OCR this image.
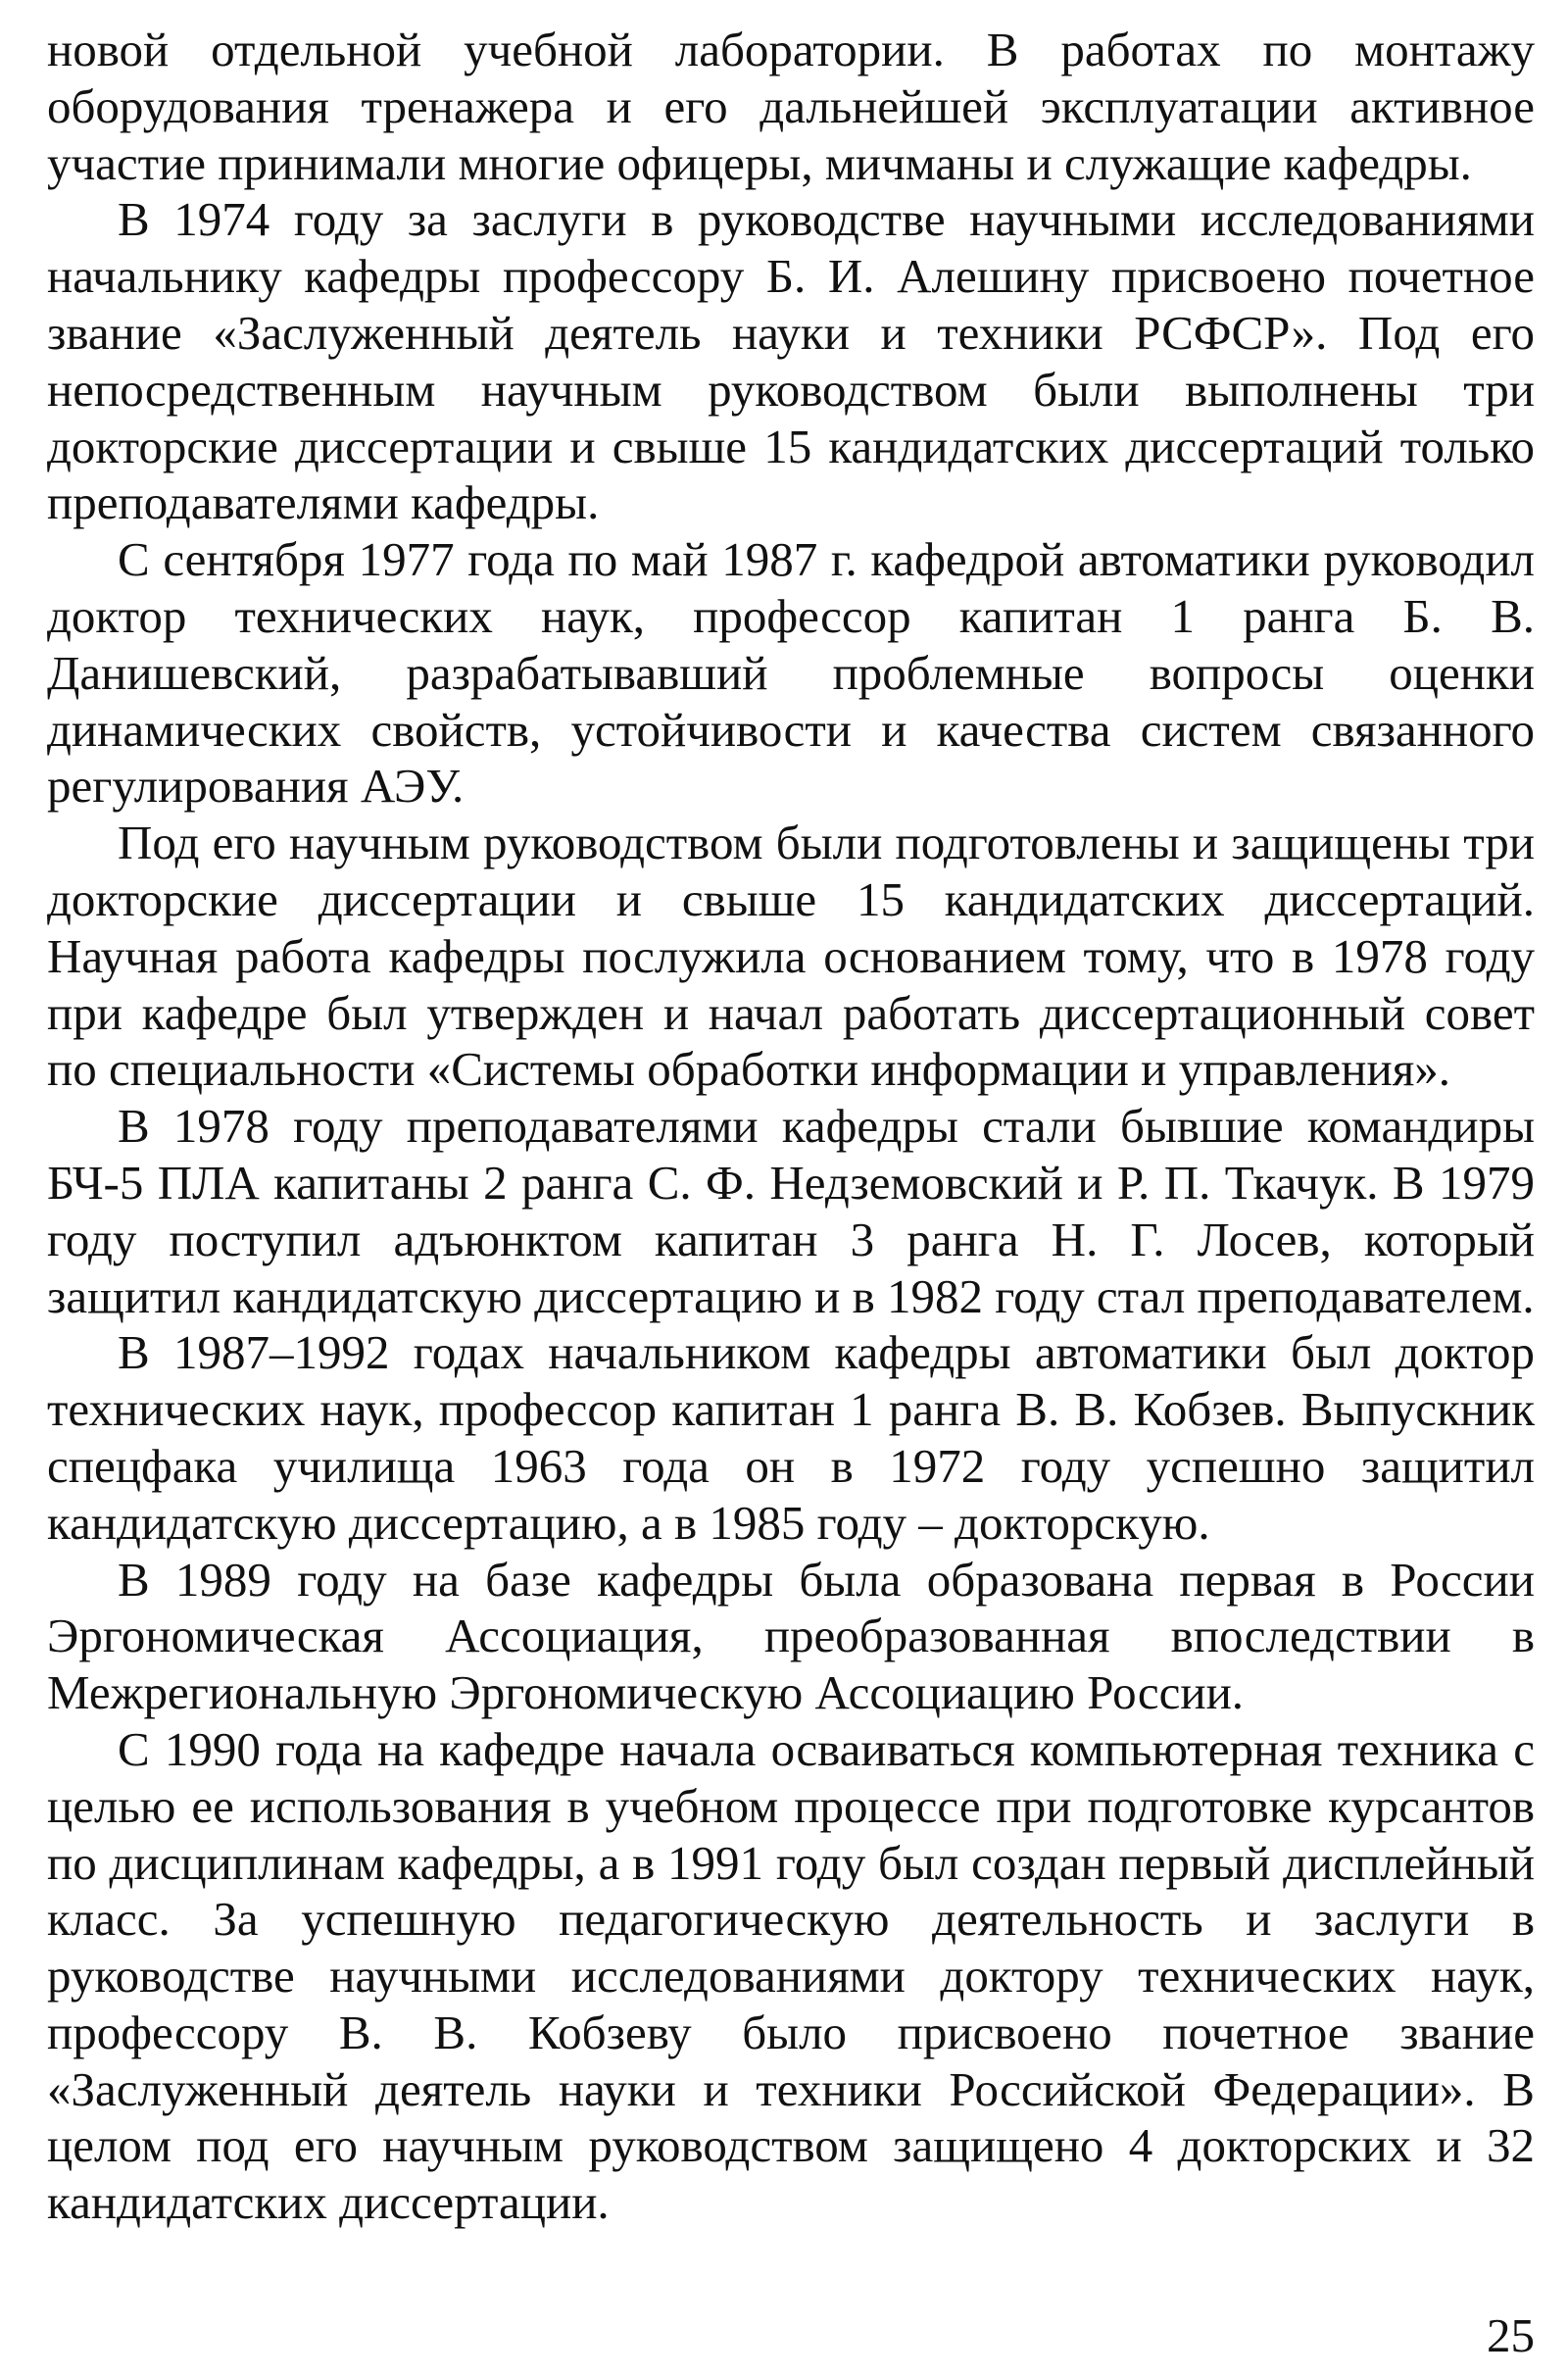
новой отдельной учебной лаборатории. В работах по монтажу оборудования тренажера и его дальнейшей эксплуатации активное участие принимали многие офицеры, мичманы и служащие кафедры.

В 1974 году за заслуги в руководстве научными исследованиями начальнику кафедры профессору Б. И. Алешину присвоено почетное звание «Заслуженный деятель науки и техники РСФСР». Под его непосредственным научным руководством были выполнены три докторские диссертации и свыше 15 кандидатских диссертаций только преподавателями кафедры.

С сентября 1977 года по май 1987 г. кафедрой автоматики руководил доктор технических наук, профессор капитан 1 ранга Б. В. Данишевский, разрабатывавший проблемные вопросы оценки динамических свойств, устойчивости и качества систем связанного регулирования АЭУ.

Под его научным руководством были подготовлены и защищены три докторские диссертации и свыше 15 кандидатских диссертаций. Научная работа кафедры послужила основанием тому, что в 1978 году при кафедре был утвержден и начал работать диссертационный совет по специальности «Системы обработки информации и управления».

В 1978 году преподавателями кафедры стали бывшие командиры БЧ-5 ПЛА капитаны 2 ранга С. Ф. Недземовский и Р. П. Ткачук. В 1979 году поступил адъюнктом капитан 3 ранга Н. Г. Лосев, который защитил кандидатскую диссертацию и в 1982 году стал преподавателем.

В 1987–1992 годах начальником кафедры автоматики был доктор технических наук, профессор капитан 1 ранга В. В. Кобзев. Выпускник спецфака училища 1963 года он в 1972 году успешно защитил кандидатскую диссертацию, а в 1985 году – докторскую.

В 1989 году на базе кафедры была образована первая в России Эргономическая Ассоциация, преобразованная впоследствии в Межрегиональную Эргономическую Ассоциацию России.

С 1990 года на кафедре начала осваиваться компьютерная техника с целью ее использования в учебном процессе при подготовке курсантов по дисциплинам кафедры, а в 1991 году был создан первый дисплейный класс. За успешную педагогическую деятельность и заслуги в руководстве научными исследованиями доктору технических наук, профессору В. В. Кобзеву было присвоено почетное звание «Заслуженный деятель науки и техники Российской Федерации». В целом под его научным руководством защищено 4 докторских и 32 кандидатских диссертации.

25
